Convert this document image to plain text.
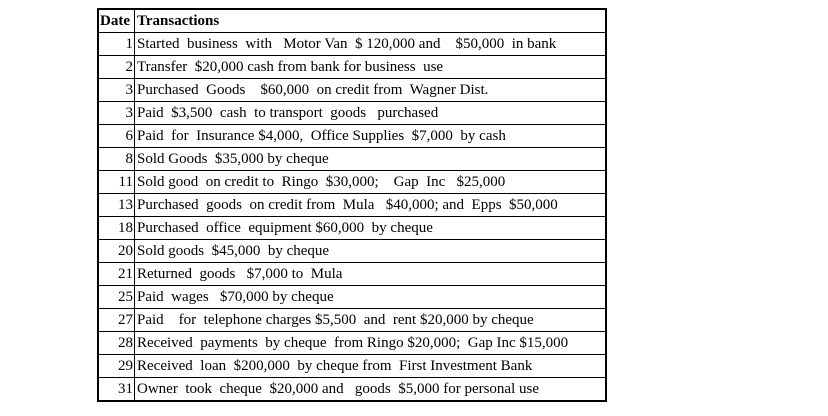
Date	Transactions
1	Started  business  with   Motor Van  $ 120,000 and    $50,000  in bank
2	Transfer  $20,000 cash from bank for business  use
3	Purchased  Goods    $60,000  on credit from  Wagner Dist.
3	Paid  $3,500  cash  to transport  goods   purchased
6	Paid  for  Insurance $4,000,  Office Supplies  $7,000  by cash
8	Sold Goods  $35,000 by cheque
11	Sold good  on credit to  Ringo  $30,000;    Gap  Inc   $25,000
13	Purchased  goods  on credit from  Mula   $40,000; and  Epps  $50,000
18	Purchased  office  equipment $60,000  by cheque
20	Sold goods  $45,000  by cheque
21	Returned  goods   $7,000 to  Mula
25	Paid  wages   $70,000 by cheque
27	Paid    for  telephone charges $5,500  and  rent $20,000 by cheque
28	Received  payments  by cheque  from Ringo $20,000;  Gap Inc $15,000
29	Received  loan  $200,000  by cheque from  First Investment Bank
31	Owner  took  cheque  $20,000 and   goods  $5,000 for personal use
